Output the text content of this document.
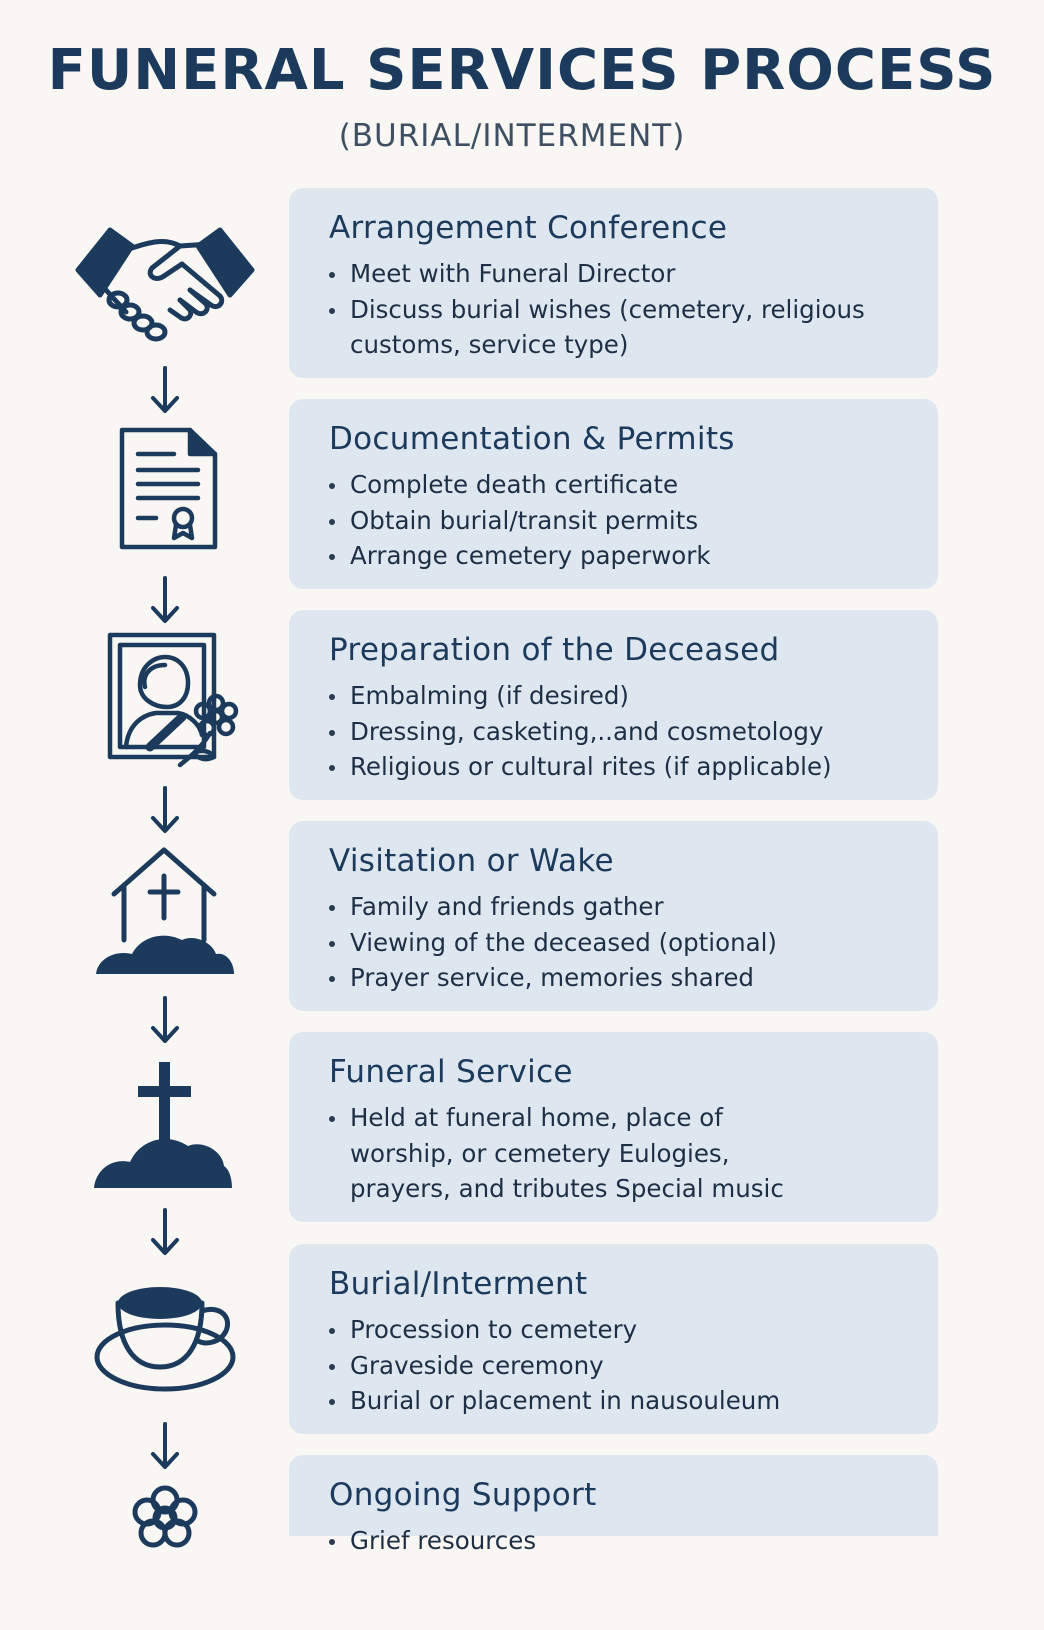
FUNERAL SERVICES PROCESS
(BURIAL/INTERMENT)
Arrangement Conference
Meet with Funeral Director
Discuss burial wishes (cemetery, religious customs, service type)
Documentation & Permits
Complete death certificate
Obtain burial/transit permits
Arrange cemetery paperwork
Preparation of the Deceased
Embalming (if desired)
Dressing, casketing,..and cosmetology
Religious or cultural rites (if applicable)
Visitation or Wake
Family and friends gather
Viewing of the deceased (optional)
Prayer service, memories shared
Funeral Service
Held at funeral home, place of worship, or cemetery Eulogies, prayers, and tributes Special music
Burial/Interment
Procession to cemetery
Graveside ceremony
Burial or placement in nausouleum
Ongoing Support
Grief resources
